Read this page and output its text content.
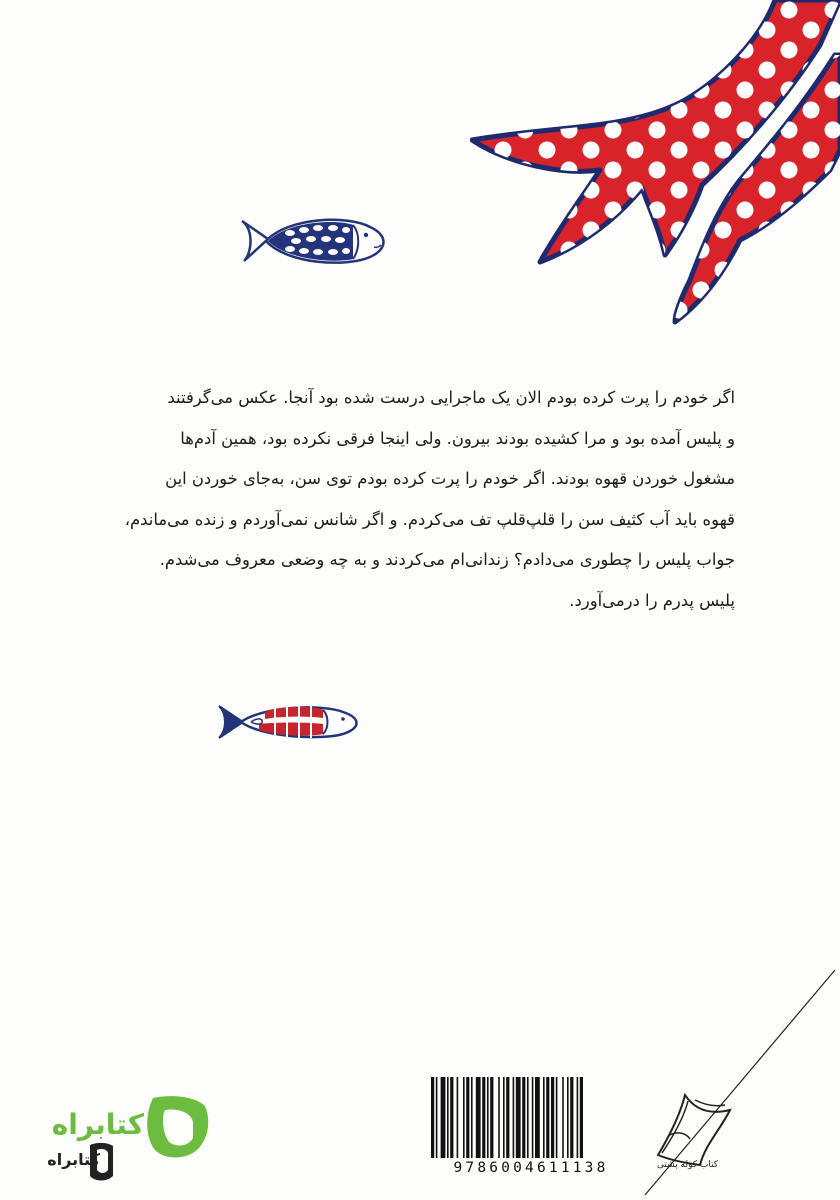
اگر خودم را پرت کرده بودم الان یک ماجرایی درست شده بود آنجا. عکس می‌گرفتند

و پلیس آمده بود و مرا کشیده بودند بیرون. ولی اینجا فرقی نکرده بود، همین آدم‌ها

مشغول خوردن قهوه بودند. اگر خودم را پرت کرده بودم توی سن، به‌جای خوردن این

قهوه باید آب کثیف سن را قلپ‌قلپ تف می‌کردم. و اگر شانس نمی‌آوردم و زنده می‌ماندم،

جواب پلیس را چطوری می‌دادم؟ زندانی‌ام می‌کردند و به چه وضعی معروف می‌شدم.

پلیس پدرم را درمی‌آورد.

9786004611138	کتاب کوله پشتی
کتابراه
کتابراه
